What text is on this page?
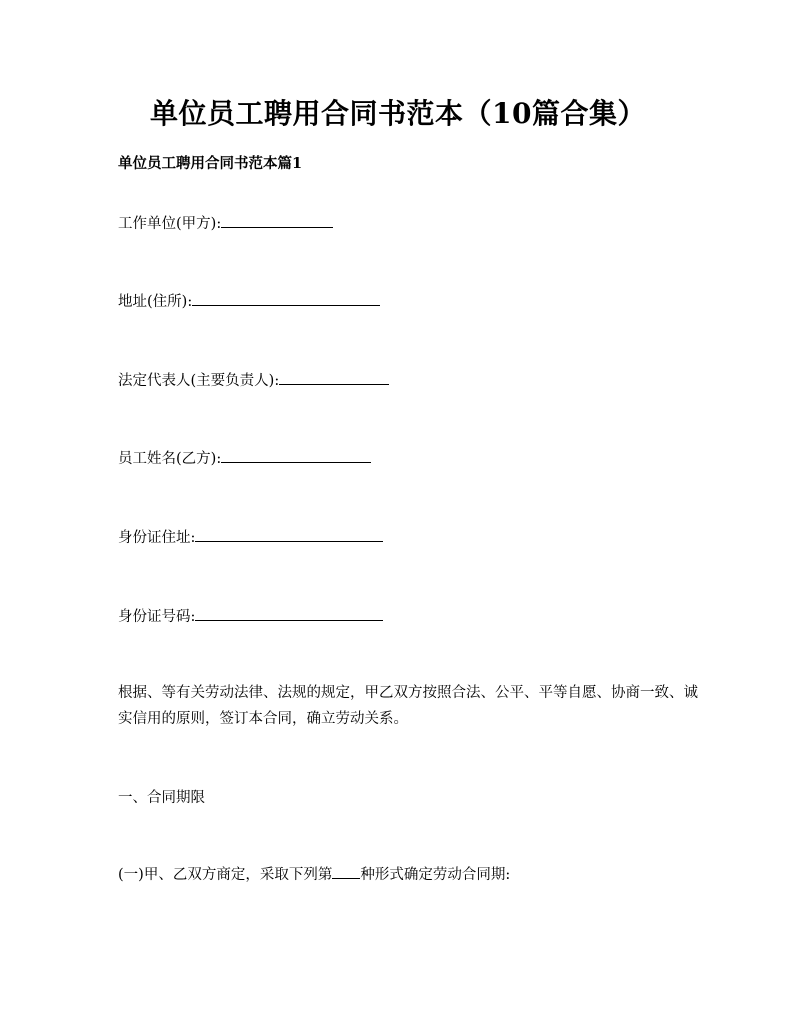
单位员工聘用合同书范本（10篇合集）
单位员工聘用合同书范本篇1
工作单位(甲方):
地址(住所):
法定代表人(主要负责人):
员工姓名(乙方):
身份证住址:
身份证号码:
根据、等有关劳动法律、法规的规定，甲乙双方按照合法、公平、平等自愿、协商一致、诚实信用的原则，签订本合同，确立劳动关系。
一、合同期限
(一)甲、乙双方商定，采取下列第 种形式确定劳动合同期:
